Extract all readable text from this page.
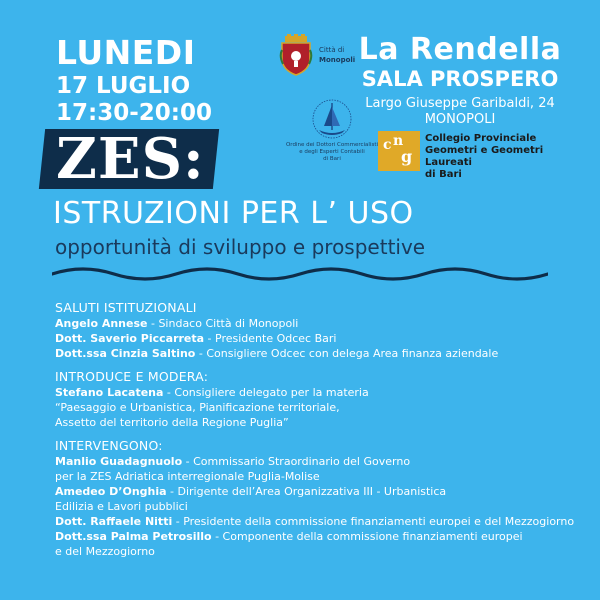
LUNEDI
17 LUGLIO
17:30-20:00
Città di
Monopoli La Rendella
SALA PROSPERO
Largo Giuseppe Garibaldi, 24
MONOPOLI
Ordine dei Dottori Commercialisti
e degli Esperti Contabili
di Bari
c n
g
Collegio Provinciale
Geometri e Geometri Laureati
di Bari
ZES:
ISTRUZIONI PER L’ USO
opportunità di sviluppo e prospettive
SALUTI ISTITUZIONALI
Angelo Annese - Sindaco Città di Monopoli
Dott. Saverio Piccarreta - Presidente Odcec Bari
Dott.ssa Cinzia Saltino - Consigliere Odcec con delega Area finanza aziendale
INTRODUCE E MODERA:
Stefano Lacatena - Consigliere delegato per la materia
“Paesaggio e Urbanistica, Pianificazione territoriale,
Assetto del territorio della Regione Puglia”
INTERVENGONO:
Manlio Guadagnuolo - Commissario Straordinario del Governo
per la ZES Adriatica interregionale Puglia-Molise
Amedeo D’Onghia - Dirigente dell’Area Organizzativa III - Urbanistica
Edilizia e Lavori pubblici
Dott. Raffaele Nitti - Presidente della commissione finanziamenti europei e del Mezzogiorno
Dott.ssa Palma Petrosillo - Componente della commissione finanziamenti europei
e del Mezzogiorno
